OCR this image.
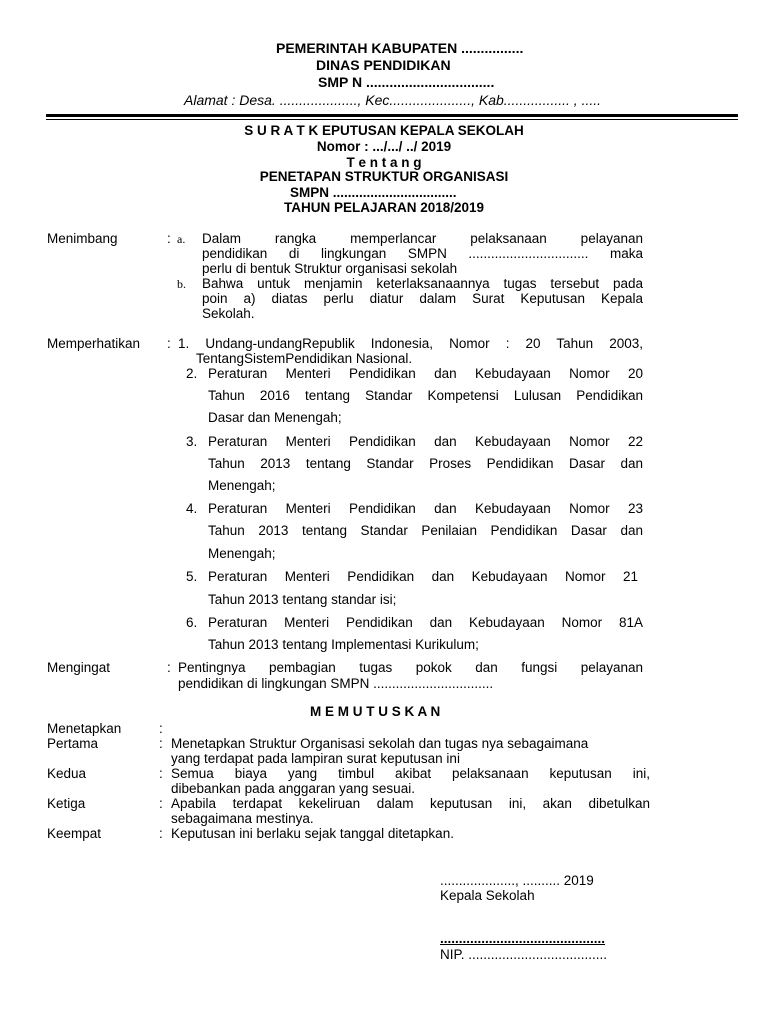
PEMERINTAH KABUPATEN ................
DINAS PENDIDIKAN
SMP N .................................
Alamat : Desa. ...................., Kec....................., Kab................. , .....
S U R A T K EPUTUSAN KEPALA SEKOLAH
Nomor : .../.../ ../ 2019
T e n t a n g
PENETAPAN STRUKTUR ORGANISASI
SMPN .................................
TAHUN PELAJARAN 2018/2019
Menimbang	: a. Dalam rangka memperlancar pelaksanaan pelayanan
pendidikan di lingkungan SMPN ................................ maka
perlu di bentuk Struktur organisasi sekolah
b. Bahwa untuk menjamin keterlaksanaannya tugas tersebut pada
poin a) diatas perlu diatur dalam Surat Keputusan Kepala
Sekolah.
Memperhatikan : 1. Undang-undangRepublik Indonesia, Nomor : 20 Tahun 2003,
TentangSistemPendidikan Nasional.
2. Peraturan Menteri Pendidikan dan Kebudayaan Nomor 20
Tahun 2016 tentang Standar Kompetensi Lulusan Pendidikan
Dasar dan Menengah;
3. Peraturan Menteri Pendidikan dan Kebudayaan Nomor 22
Tahun 2013 tentang Standar Proses Pendidikan Dasar dan
Menengah;
4. Peraturan Menteri Pendidikan dan Kebudayaan Nomor 23
Tahun 2013 tentang Standar Penilaian Pendidikan Dasar dan
Menengah;
5. Peraturan Menteri Pendidikan dan Kebudayaan Nomor 21
Tahun 2013 tentang standar isi;
6. Peraturan Menteri Pendidikan dan Kebudayaan Nomor 81A
Tahun 2013 tentang Implementasi Kurikulum;
Mengingat	: Pentingnya pembagian tugas pokok dan fungsi pelayanan
pendidikan di lingkungan SMPN ................................
M E M U T U S K A N
Menetapkan	:
Pertama	: Menetapkan Struktur Organisasi sekolah dan tugas nya sebagaimana
yang terdapat pada lampiran surat keputusan ini
Kedua	: Semua biaya yang timbul akibat pelaksanaan keputusan ini,
dibebankan pada anggaran yang sesuai.
Ketiga	: Apabila terdapat kekeliruan dalam keputusan ini, akan dibetulkan
sebagaimana mestinya.
Keempat	: Keputusan ini berlaku sejak tanggal ditetapkan.
...................., .......... 2019
Kepala Sekolah
............................................
NIP. .....................................
